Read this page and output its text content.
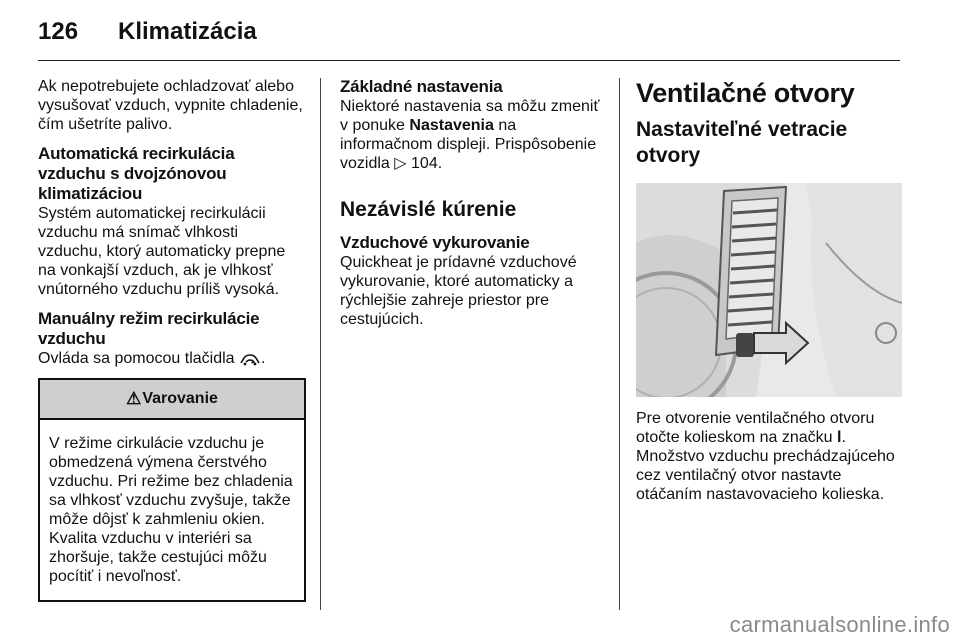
126 Klimatizácia

Ak nepotrebujete ochladzovať alebo vysušovať vzduch, vypnite chladenie, čím ušetríte palivo.

Automatická recirkulácia vzduchu s dvojzónovou klimatizáciou

Systém automatickej recirkulácii vzduchu má snímač vlhkosti vzduchu, ktorý automaticky prepne na vonkajší vzduch, ak je vlhkosť vnútorného vzduchu príliš vysoká.

Manuálny režim recirkulácie vzduchu

Ovláda sa pomocou tlačidla .

⚠ Varovanie

V režime cirkulácie vzduchu je obmedzená výmena čerstvého vzduchu. Pri režime bez chladenia sa vlhkosť vzduchu zvyšuje, takže môže dôjsť k zahmleniu okien. Kvalita vzduchu v interiéri sa zhoršuje, takže cestujúci môžu pocítiť i nevoľnosť.

Základné nastavenia

Niektoré nastavenia sa môžu zmeniť v ponuke Nastavenia na informačnom displeji. Prispôsobenie vozidla ▷ 104.

Nezávislé kúrenie
Vzduchové vykurovanie

Quickheat je prídavné vzduchové vykurovanie, ktoré automaticky a rýchlejšie zahreje priestor pre cestujúcich.

Ventilačné otvory
Nastaviteľné vetracie otvory

Pre otvorenie ventilačného otvoru otočte kolieskom na značku l.

Množstvo vzduchu prechádzajúceho cez ventilačný otvor nastavte otáčaním nastavovacieho kolieska.

carmanualsonline.info
